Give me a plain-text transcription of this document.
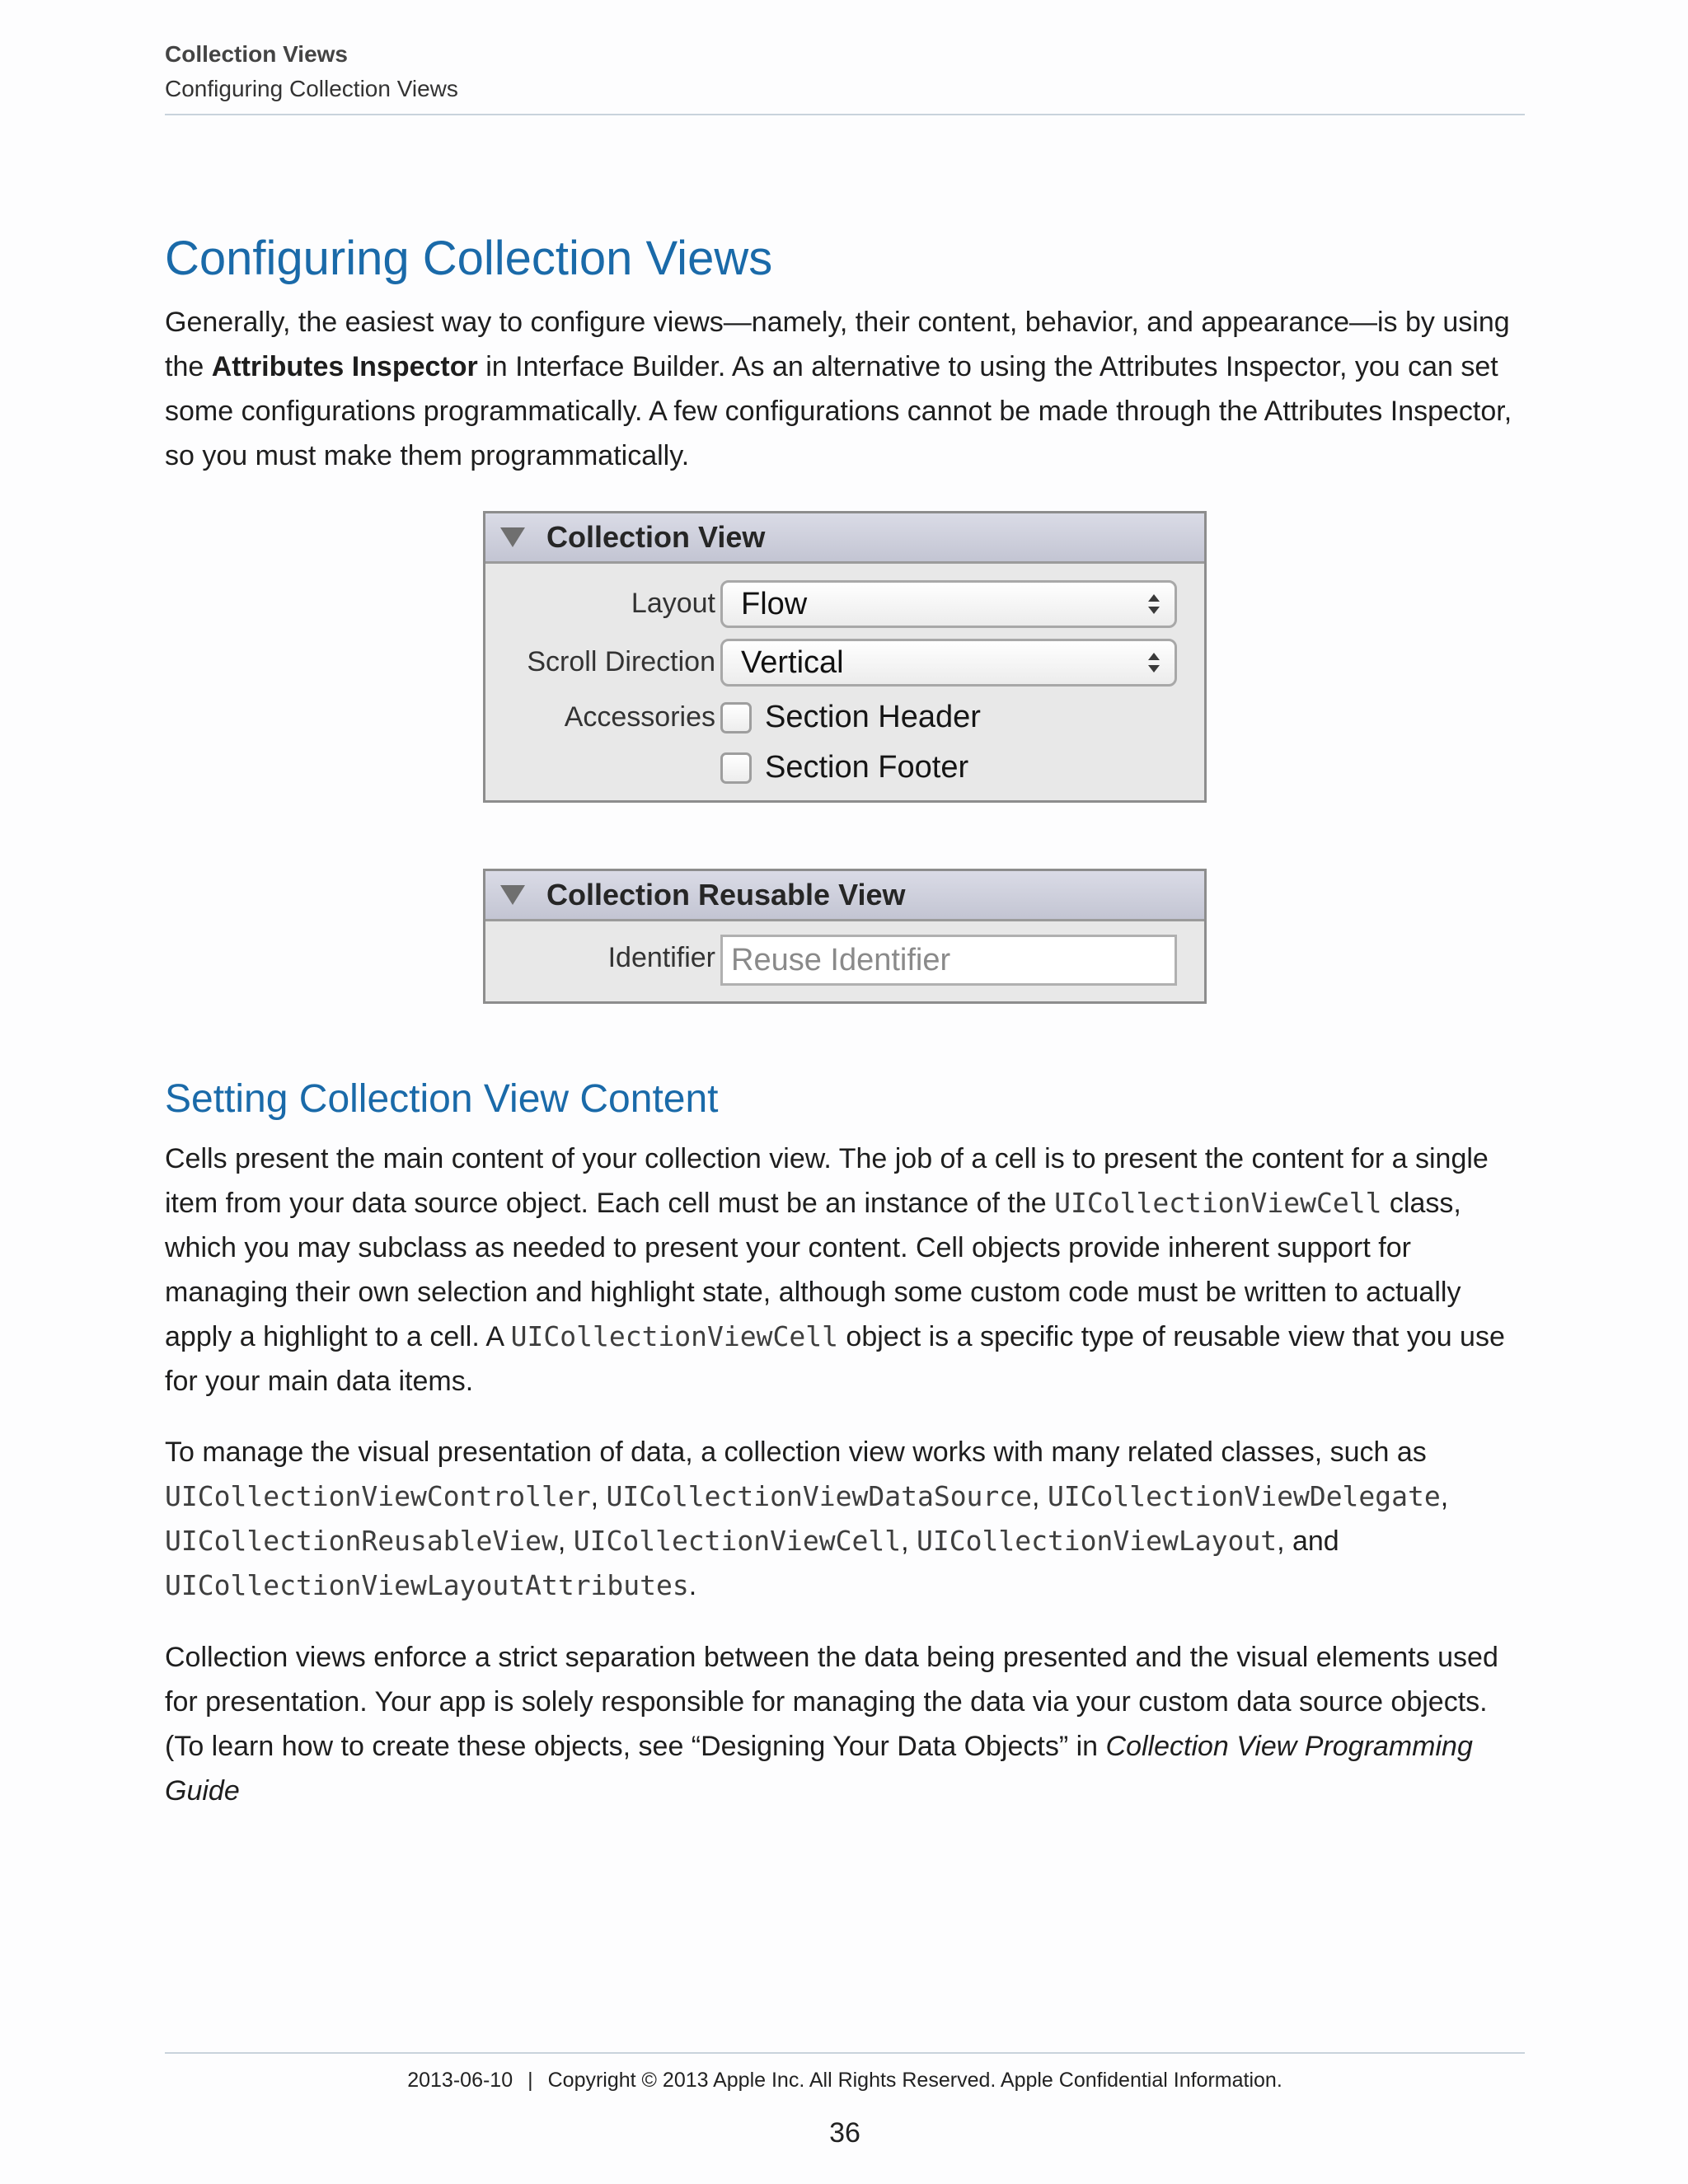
Collection Views
Configuring Collection Views
Configuring Collection Views

Generally, the easiest way to configure views—namely, their content, behavior, and appearance—is by using the Attributes Inspector in Interface Builder. As an alternative to using the Attributes Inspector, you can set some configurations programmatically. A few configurations cannot be made through the Attributes Inspector, so you must make them programmatically.

Collection View
Layout Flow
Scroll Direction Vertical
Accessories Section Header
Section Footer
Collection Reusable View
Identifier
Reuse Identifier
Setting Collection View Content

Cells present the main content of your collection view. The job of a cell is to present the content for a single item from your data source object. Each cell must be an instance of the UICollectionViewCell class, which you may subclass as needed to present your content. Cell objects provide inherent support for managing their own selection and highlight state, although some custom code must be written to actually apply a highlight to a cell. A UICollectionViewCell object is a specific type of reusable view that you use for your main data items.

To manage the visual presentation of data, a collection view works with many related classes, such as UICollectionViewController, UICollectionViewDataSource, UICollectionViewDelegate,
UICollectionReusableView, UICollectionViewCell, UICollectionViewLayout, and
UICollectionViewLayoutAttributes.

Collection views enforce a strict separation between the data being presented and the visual elements used for presentation. Your app is solely responsible for managing the data via your custom data source objects. (To learn how to create these objects, see “Designing Your Data Objects” in Collection View Programming Guide

2013-06-10 | Copyright © 2013 Apple Inc. All Rights Reserved. Apple Confidential Information.
36
